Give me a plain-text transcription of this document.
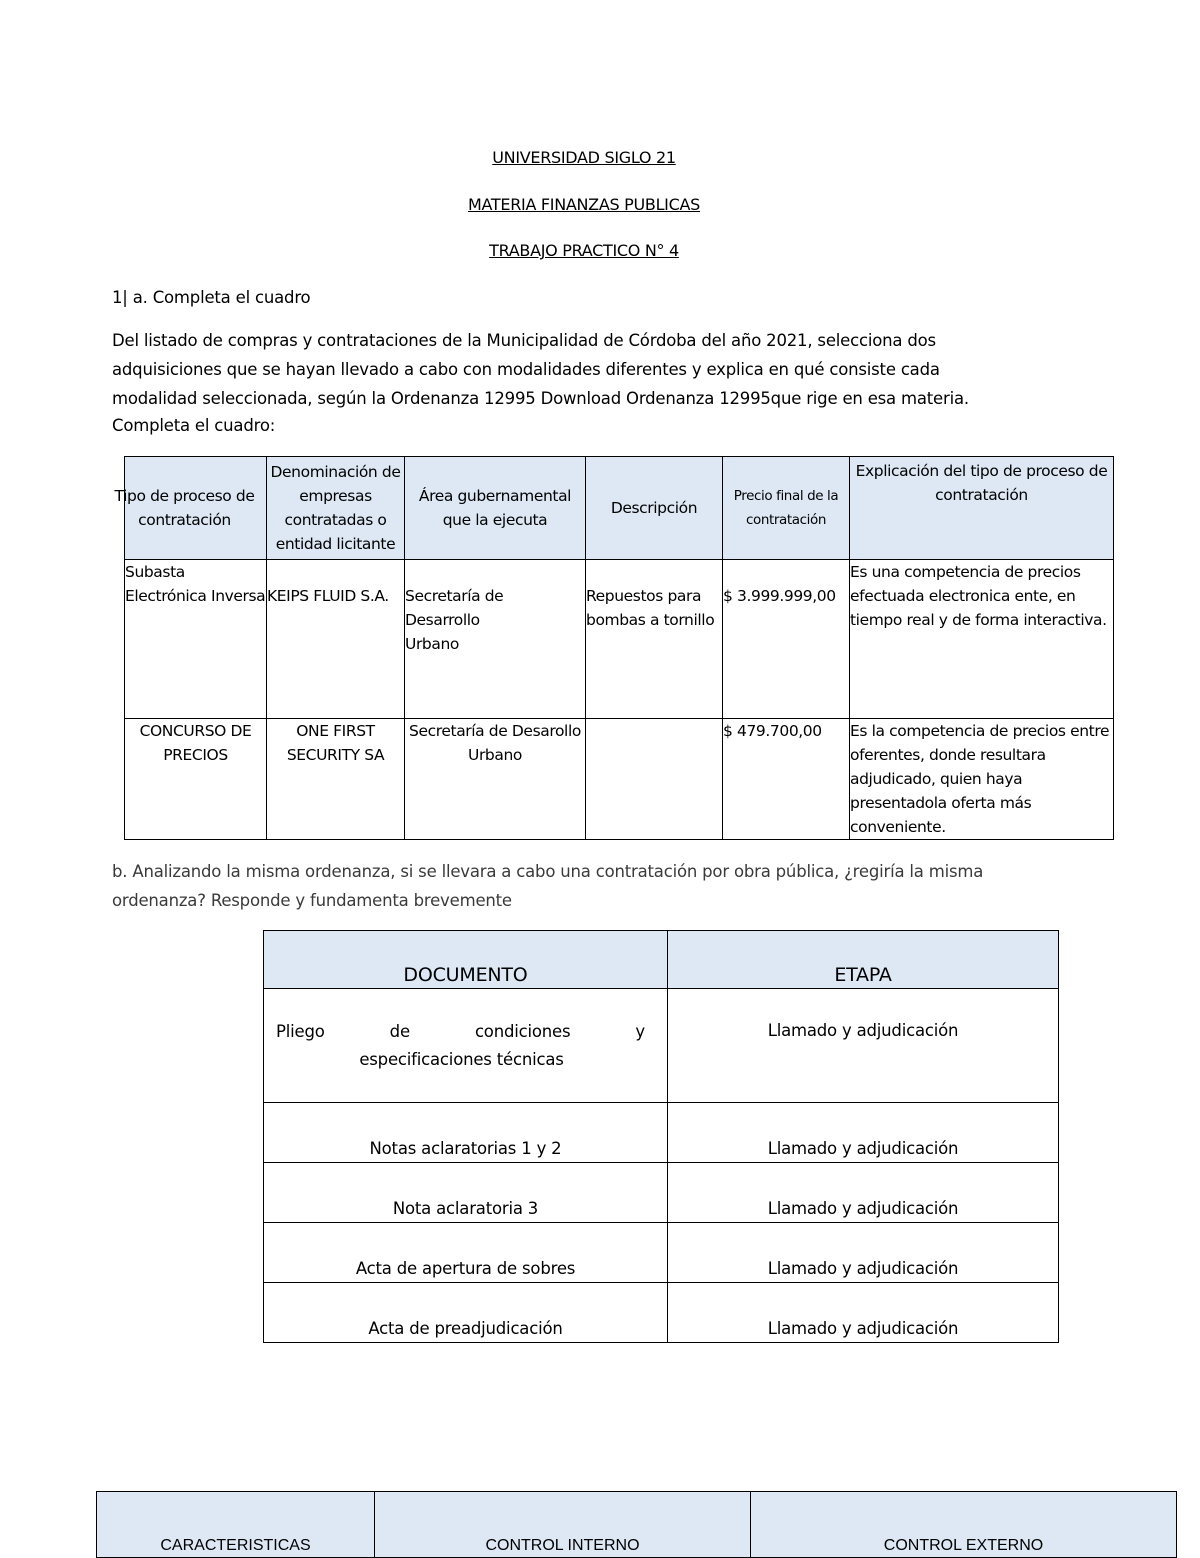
UNIVERSIDAD SIGLO 21
MATERIA FINANZAS PUBLICAS
TRABAJO PRACTICO N° 4

1| a. Completa el cuadro

Del listado de compras y contrataciones de la Municipalidad de Córdoba del año 2021, selecciona dos

adquisiciones que se hayan llevado a cabo con modalidades diferentes y explica en qué consiste cada

modalidad seleccionada, según la Ordenanza 12995 Download Ordenanza 12995que rige en esa materia.

Completa el cuadro:

Tipo de proceso de contratación	Denominación de empresas contratadas o entidad licitante	Área gubernamental que la ejecuta	Descripción	Precio final de la contratación	Explicación del tipo de proceso de contratación

Subasta Electrónica Inversa	KEIPS FLUID S.A.	Secretaría de Desarrollo Urbano	Repuestos para bombas a tornillo	$ 3.999.999,00	Es una competencia de precios efectuada electronica ente, en tiempo real y de forma interactiva.
CONCURSO DE PRECIOS	ONE FIRST SECURITY SA	Secretaría de Desarollo Urbano		$ 479.700,00	Es la competencia de precios entre oferentes, donde resultara adjudicado, quien haya presentadola oferta más conveniente.

b. Analizando la misma ordenanza, si se llevara a cabo una contratación por obra pública, ¿regiría la misma

ordenanza? Responde y fundamenta brevemente

DOCUMENTO	ETAPA

Pliego de condiciones y
especificaciones técnicas	Llamado y adjudicación
Notas aclaratorias 1 y 2	Llamado y adjudicación
Nota aclaratoria 3	Llamado y adjudicación
Acta de apertura de sobres	Llamado y adjudicación
Acta de preadjudicación	Llamado y adjudicación
CARACTERISTICAS	CONTROL INTERNO	CONTROL EXTERNO
